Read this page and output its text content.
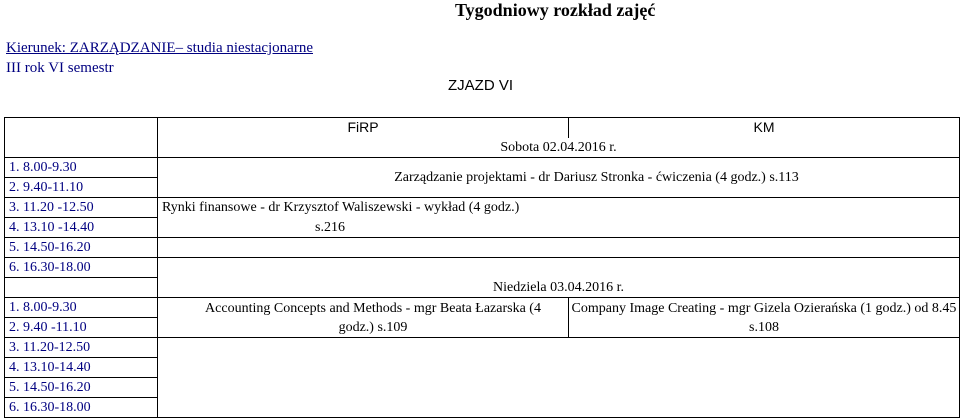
Tygodniowy rozkład zajęć
Kierunek: ZARZĄDZANIE– studia niestacjonarne
III rok VI semestr
ZJAZD VI
	FiRP	KM
	Sobota 02.04.2016 r.	
1. 8.00-9.30	Zarządzanie projektami - dr Dariusz Stronka - ćwiczenia (4 godz.) s.113	
2. 9.40-11.10		
3. 11.20 -12.50	Rynki finansowe - dr Krzysztof Waliszewski - wykład (4 godz.)
s.216	

4. 13.10 -14.40		
5. 14.50-16.20		
6. 16.30-18.00		
	Niedziela 03.04.2016 r.	
1. 8.00-9.30	Accounting Concepts and Methods - mgr Beata Łazarska (4 godz.) s.109	Company Image Creating - mgr Gizela Ozierańska (1 godz.) od 8.45 s.108
2. 9.40 -11.10		
3. 11.20-12.50		
4. 13.10-14.40		
5. 14.50-16.20		
6. 16.30-18.00		
